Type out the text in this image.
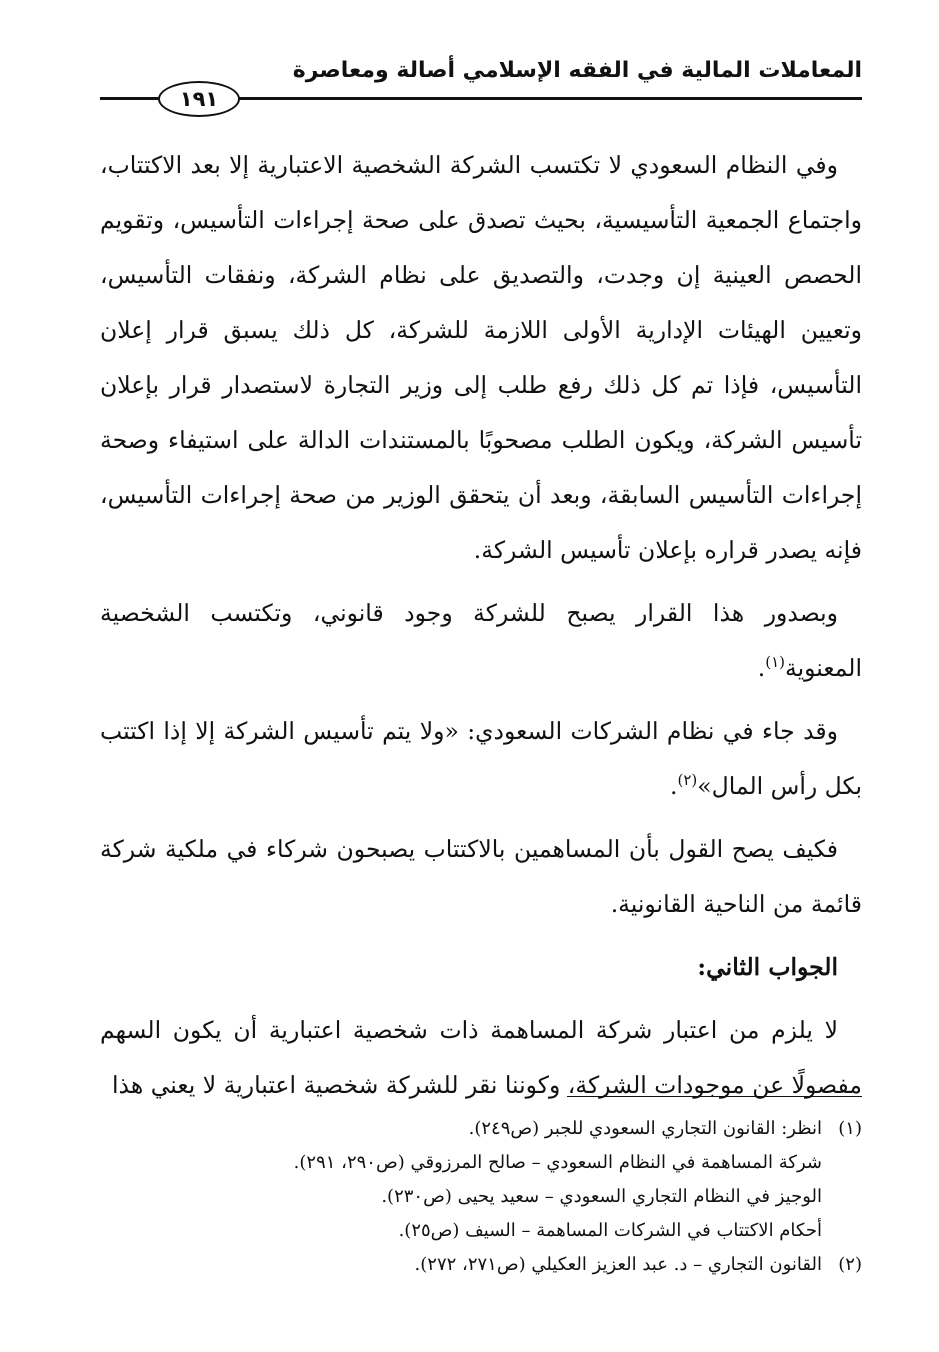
المعاملات المالية في الفقه الإسلامي أصالة ومعاصرة
١٩١

وفي النظام السعودي لا تكتسب الشركة الشخصية الاعتبارية إلا بعد الاكتتاب، واجتماع الجمعية التأسيسية، بحيث تصدق على صحة إجراءات التأسيس، وتقويم الحصص العينية إن وجدت، والتصديق على نظام الشركة، ونفقات التأسيس، وتعيين الهيئات الإدارية الأولى اللازمة للشركة، كل ذلك يسبق قرار إعلان التأسيس، فإذا تم كل ذلك رفع طلب إلى وزير التجارة لاستصدار قرار بإعلان تأسيس الشركة، ويكون الطلب مصحوبًا بالمستندات الدالة على استيفاء وصحة إجراءات التأسيس السابقة، وبعد أن يتحقق الوزير من صحة إجراءات التأسيس، فإنه يصدر قراره بإعلان تأسيس الشركة.

وبصدور هذا القرار يصبح للشركة وجود قانوني، وتكتسب الشخصية المعنوية$^{(١)}$.

وقد جاء في نظام الشركات السعودي: «ولا يتم تأسيس الشركة إلا إذا اكتتب بكل رأس المال»$^{(٢)}$.

فكيف يصح القول بأن المساهمين بالاكتتاب يصبحون شركاء في ملكية شركة قائمة من الناحية القانونية.

الجواب الثاني:

لا يلزم من اعتبار شركة المساهمة ذات شخصية اعتبارية أن يكون السهم مفصولًا عن موجودات الشركة، وكوننا نقر للشركة شخصية اعتبارية لا يعني هذا

(١)انظر: القانون التجاري السعودي للجبر (ص٢٤٩).
شركة المساهمة في النظام السعودي – صالح المرزوقي (ص٢٩٠، ٢٩١).
الوجيز في النظام التجاري السعودي – سعيد يحيى (ص٢٣٠).
أحكام الاكتتاب في الشركات المساهمة – السيف (ص٢٥).
(٢)القانون التجاري – د. عبد العزيز العكيلي (ص٢٧١، ٢٧٢).
